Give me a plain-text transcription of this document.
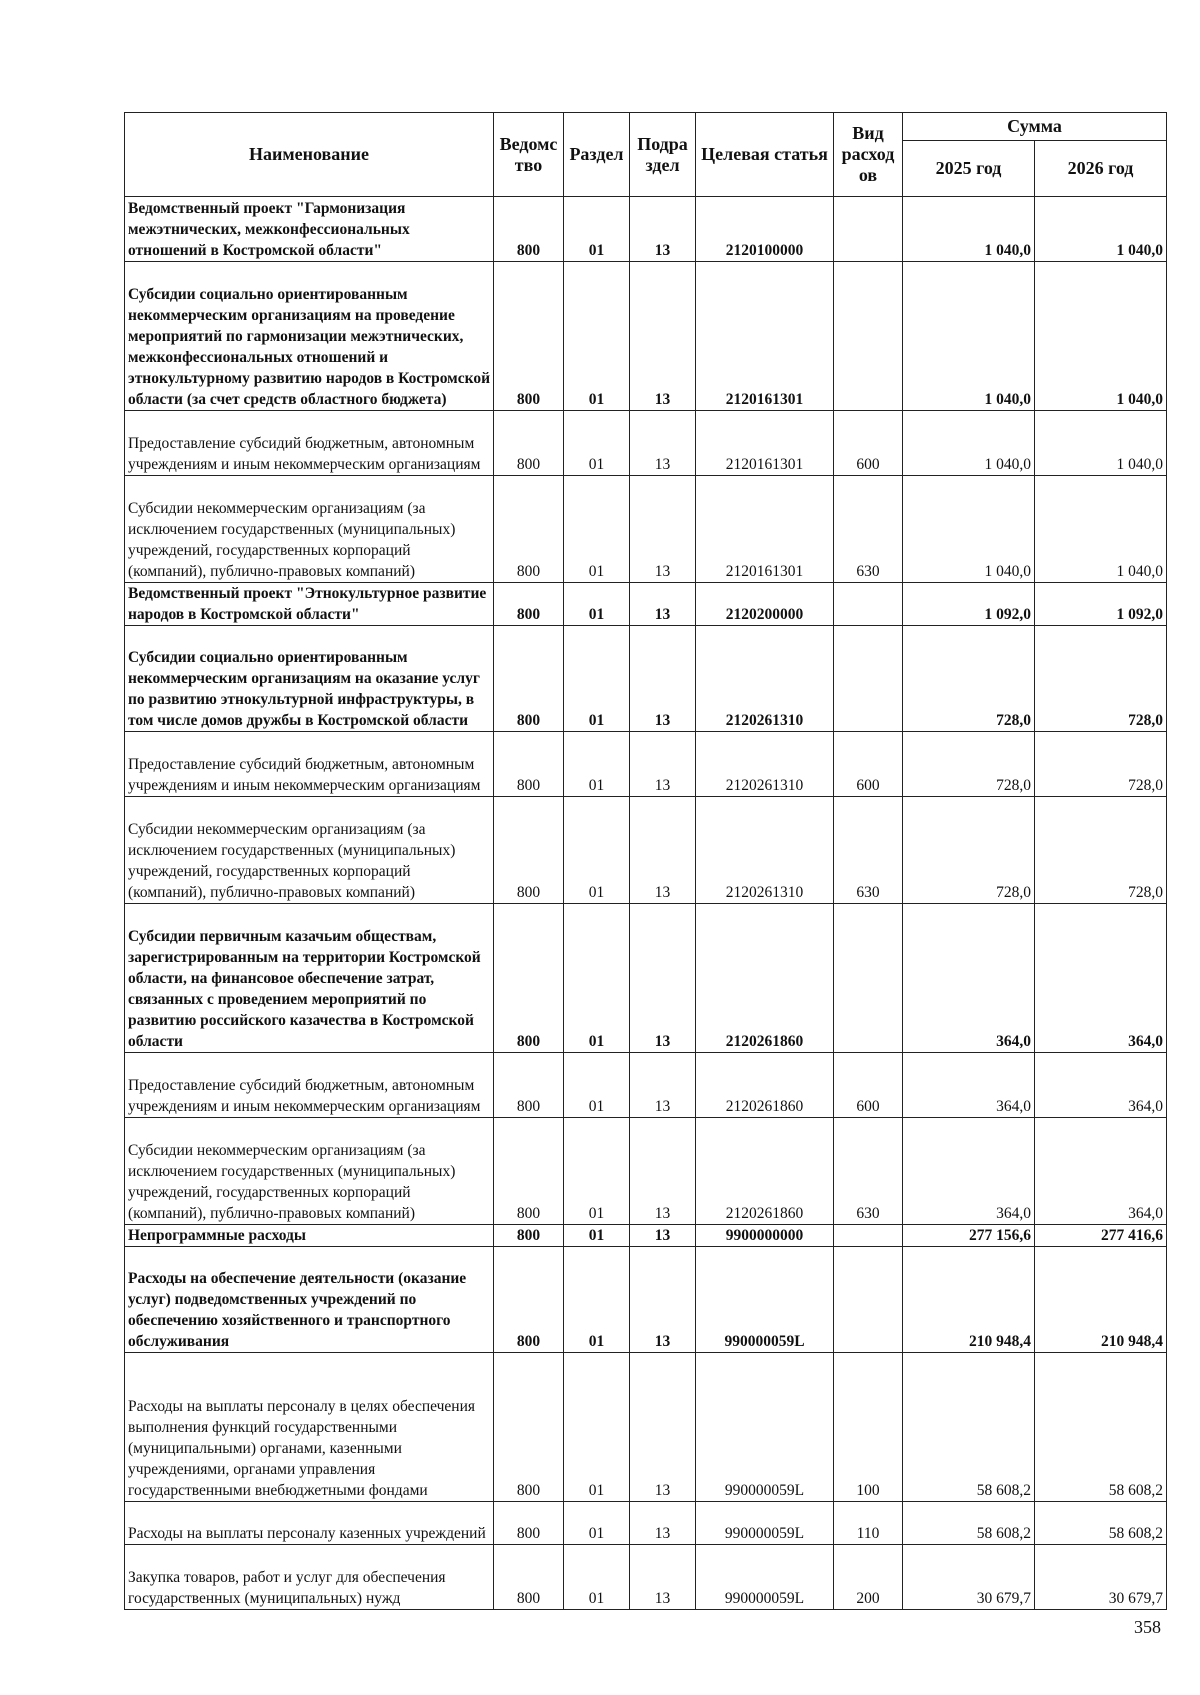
Наименование	Ведомс тво	Раздел	Подра здел	Целевая статья	Вид расход ов	Сумма	
						2025 год	2026 год
Ведомственный проект "Гармонизация межэтнических, межконфессиональных отношений в Костромской области"	800	01	13	2120100000		1 040,0	1 040,0
Субсидии социально ориентированным некоммерческим организациям на проведение мероприятий по гармонизации межэтнических, межконфессиональных отношений и этнокультурному развитию народов в Костромской области (за счет средств областного бюджета)	800	01	13	2120161301		1 040,0	1 040,0
Предоставление субсидий бюджетным, автономным учреждениям и иным некоммерческим организациям	800	01	13	2120161301	600	1 040,0	1 040,0
Субсидии некоммерческим организациям (за исключением государственных (муниципальных) учреждений, государственных корпораций (компаний), публично-правовых компаний)	800	01	13	2120161301	630	1 040,0	1 040,0
Ведомственный проект "Этнокультурное развитие народов в Костромской области"	800	01	13	2120200000		1 092,0	1 092,0
Субсидии социально ориентированным некоммерческим организациям на оказание услуг по развитию этнокультурной инфраструктуры, в том числе домов дружбы в Костромской области	800	01	13	2120261310		728,0	728,0
Предоставление субсидий бюджетным, автономным учреждениям и иным некоммерческим организациям	800	01	13	2120261310	600	728,0	728,0
Субсидии некоммерческим организациям (за исключением государственных (муниципальных) учреждений, государственных корпораций (компаний), публично-правовых компаний)	800	01	13	2120261310	630	728,0	728,0
Субсидии первичным казачьим обществам, зарегистрированным на территории Костромской области, на финансовое обеспечение затрат, связанных с проведением мероприятий по развитию российского казачества в Костромской области	800	01	13	2120261860		364,0	364,0
Предоставление субсидий бюджетным, автономным учреждениям и иным некоммерческим организациям	800	01	13	2120261860	600	364,0	364,0
Субсидии некоммерческим организациям (за исключением государственных (муниципальных) учреждений, государственных корпораций (компаний), публично-правовых компаний)	800	01	13	2120261860	630	364,0	364,0
Непрограммные расходы	800	01	13	9900000000		277 156,6	277 416,6
Расходы на обеспечение деятельности (оказание услуг) подведомственных учреждений по обеспечению хозяйственного и транспортного обслуживания	800	01	13	990000059L		210 948,4	210 948,4
Расходы на выплаты персоналу в целях обеспечения выполнения функций государственными (муниципальными) органами, казенными учреждениями, органами управления государственными внебюджетными фондами	800	01	13	990000059L	100	58 608,2	58 608,2
Расходы на выплаты персоналу казенных учреждений	800	01	13	990000059L	110	58 608,2	58 608,2
Закупка товаров, работ и услуг для обеспечения государственных (муниципальных) нужд	800	01	13	990000059L	200	30 679,7	30 679,7
358
